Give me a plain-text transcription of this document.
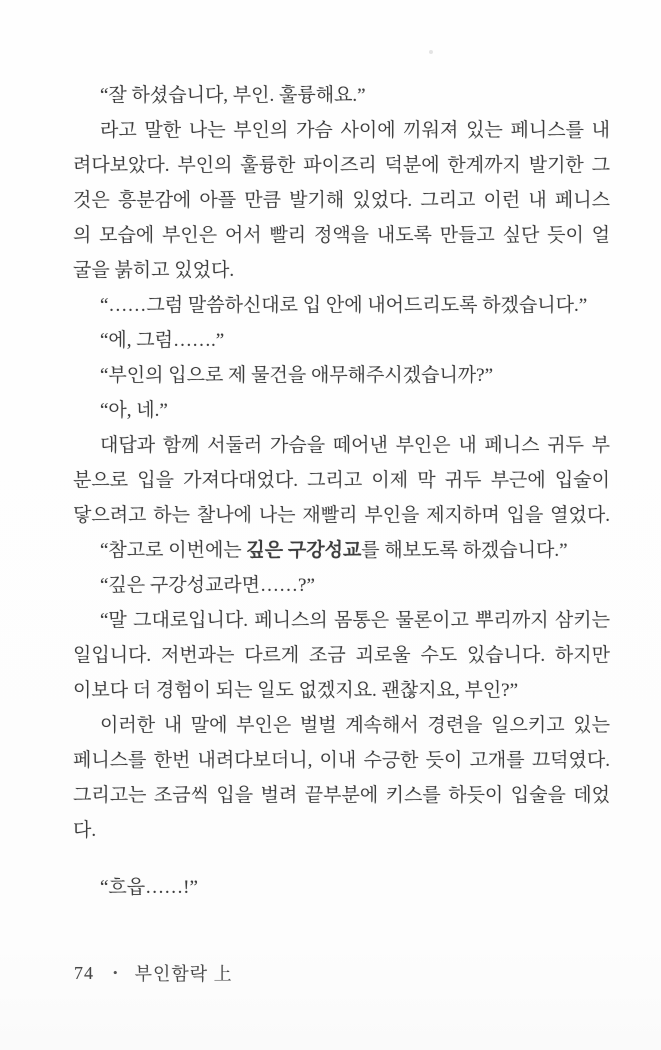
“잘 하셨습니다, 부인. 훌륭해요.”
라고 말한 나는 부인의 가슴 사이에 끼워져 있는 페니스를 내
려다보았다. 부인의 훌륭한 파이즈리 덕분에 한계까지 발기한 그
것은 흥분감에 아플 만큼 발기해 있었다. 그리고 이런 내 페니스
의 모습에 부인은 어서 빨리 정액을 내도록 만들고 싶단 듯이 얼
굴을 붉히고 있었다.
“……그럼 말씀하신대로 입 안에 내어드리도록 하겠습니다.”
“에, 그럼…….”
“부인의 입으로 제 물건을 애무해주시겠습니까?”
“아, 네.”
대답과 함께 서둘러 가슴을 떼어낸 부인은 내 페니스 귀두 부
분으로 입을 가져다대었다. 그리고 이제 막 귀두 부근에 입술이
닿으려고 하는 찰나에 나는 재빨리 부인을 제지하며 입을 열었다.
“참고로 이번에는 깊은 구강성교를 해보도록 하겠습니다.”
“깊은 구강성교라면……?”
“말 그대로입니다. 페니스의 몸통은 물론이고 뿌리까지 삼키는
일입니다. 저번과는 다르게 조금 괴로울 수도 있습니다. 하지만
이보다 더 경험이 되는 일도 없겠지요. 괜찮지요, 부인?”
이러한 내 말에 부인은 벌벌 계속해서 경련을 일으키고 있는
페니스를 한번 내려다보더니, 이내 수긍한 듯이 고개를 끄덕였다.
그리고는 조금씩 입을 벌려 끝부분에 키스를 하듯이 입술을 데었
다.
“흐읍……!”
74 • 부인함락 上
